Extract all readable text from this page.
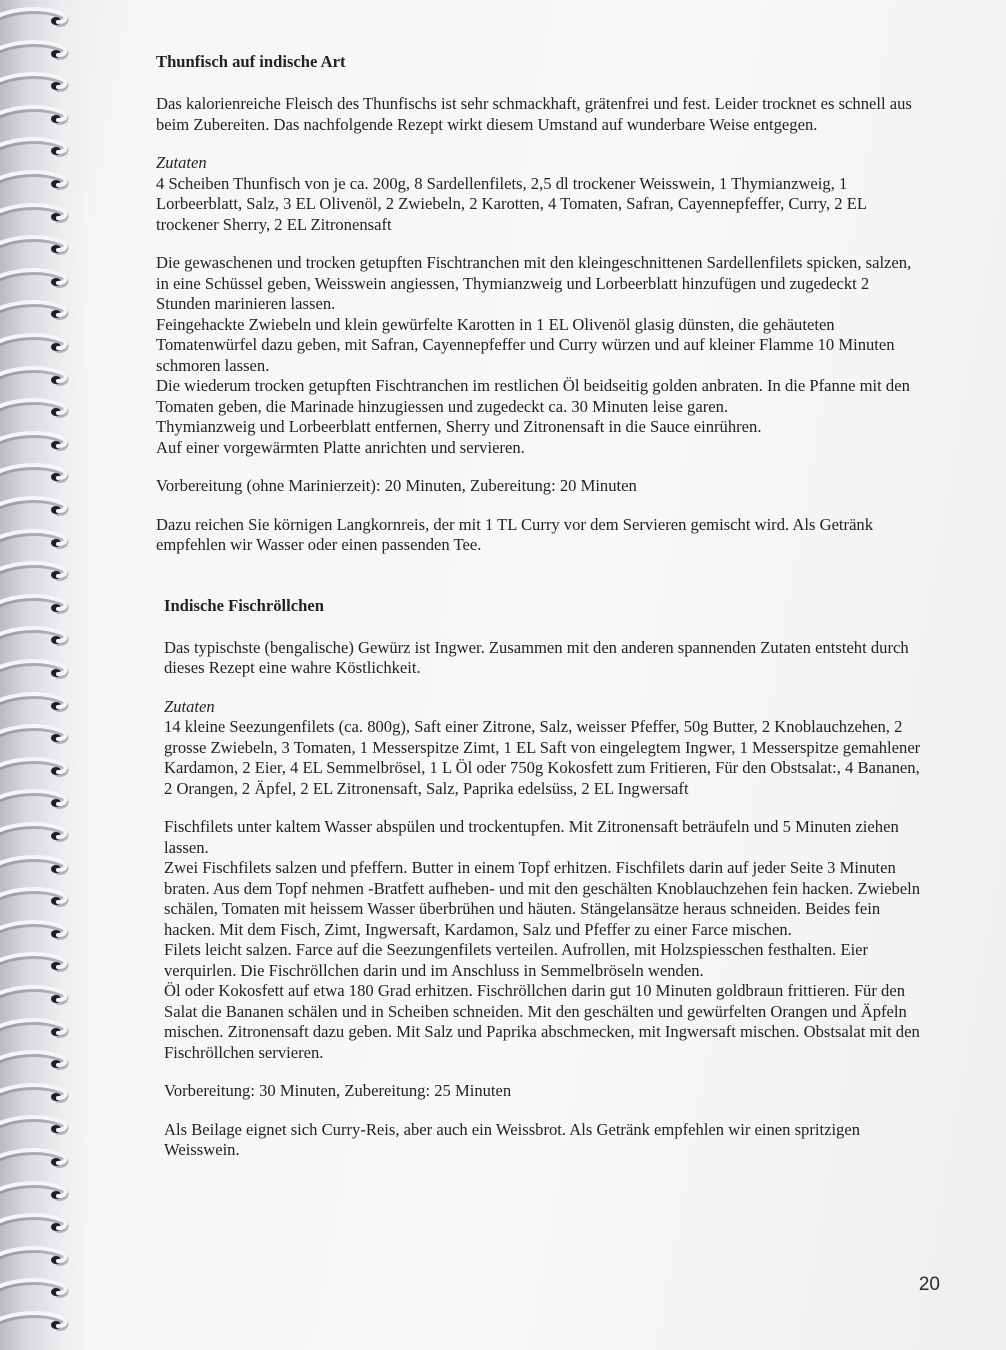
Thunfisch auf indische Art

Das kalorienreiche Fleisch des Thunfischs ist sehr schmackhaft, grätenfrei und fest. Leider trocknet es schnell aus beim Zubereiten. Das nachfolgende Rezept wirkt diesem Umstand auf wunderbare Weise entgegen.

Zutaten

4 Scheiben Thunfisch von je ca. 200g, 8 Sardellenfilets, 2,5 dl trockener Weisswein, 1 Thymianzweig, 1 Lorbeerblatt, Salz, 3 EL Olivenöl, 2 Zwiebeln, 2 Karotten, 4 Tomaten, Safran, Cayennepfeffer, Curry, 2 EL trockener Sherry, 2 EL Zitronensaft

Die gewaschenen und trocken getupften Fischtranchen mit den kleingeschnittenen Sardellenfilets spicken, salzen, in eine Schüssel geben, Weisswein angiessen, Thymianzweig und Lorbeerblatt hinzufügen und zugedeckt 2 Stunden marinieren lassen.

Feingehackte Zwiebeln und klein gewürfelte Karotten in 1 EL Olivenöl glasig dünsten, die gehäuteten Tomatenwürfel dazu geben, mit Safran, Cayennepfeffer und Curry würzen und auf kleiner Flamme 10 Minuten schmoren lassen.

Die wiederum trocken getupften Fischtranchen im restlichen Öl beidseitig golden anbraten. In die Pfanne mit den Tomaten geben, die Marinade hinzugiessen und zugedeckt ca. 30 Minuten leise garen.

Thymianzweig und Lorbeerblatt entfernen, Sherry und Zitronensaft in die Sauce einrühren.

Auf einer vorgewärmten Platte anrichten und servieren.

Vorbereitung (ohne Marinierzeit): 20 Minuten, Zubereitung: 20 Minuten

Dazu reichen Sie körnigen Langkornreis, der mit 1 TL Curry vor dem Servieren gemischt wird. Als Getränk empfehlen wir Wasser oder einen passenden Tee.

Indische Fischröllchen

Das typischste (bengalische) Gewürz ist Ingwer. Zusammen mit den anderen spannenden Zutaten entsteht durch dieses Rezept eine wahre Köstlichkeit.

Zutaten

14 kleine Seezungenfilets (ca. 800g), Saft einer Zitrone, Salz, weisser Pfeffer, 50g Butter, 2 Knoblauchzehen, 2 grosse Zwiebeln, 3 Tomaten, 1 Messerspitze Zimt, 1 EL Saft von eingelegtem Ingwer, 1 Messerspitze gemahlener Kardamon, 2 Eier, 4 EL Semmelbrösel, 1 L Öl oder 750g Kokosfett zum Fritieren, Für den Obstsalat:, 4 Bananen, 2 Orangen, 2 Äpfel, 2 EL Zitronensaft, Salz, Paprika edelsüss, 2 EL Ingwersaft

Fischfilets unter kaltem Wasser abspülen und trockentupfen. Mit Zitronensaft beträufeln und 5 Minuten ziehen lassen.

Zwei Fischfilets salzen und pfeffern. Butter in einem Topf erhitzen. Fischfilets darin auf jeder Seite 3 Minuten braten. Aus dem Topf nehmen -Bratfett aufheben- und mit den geschälten Knoblauchzehen fein hacken. Zwiebeln schälen, Tomaten mit heissem Wasser überbrühen und häuten. Stängelansätze heraus schneiden. Beides fein hacken. Mit dem Fisch, Zimt, Ingwersaft, Kardamon, Salz und Pfeffer zu einer Farce mischen.

Filets leicht salzen. Farce auf die Seezungenfilets verteilen. Aufrollen, mit Holzspiesschen festhalten. Eier verquirlen. Die Fischröllchen darin und im Anschluss in Semmelbröseln wenden.

Öl oder Kokosfett auf etwa 180 Grad erhitzen. Fischröllchen darin gut 10 Minuten goldbraun frittieren. Für den Salat die Bananen schälen und in Scheiben schneiden. Mit den geschälten und gewürfelten Orangen und Äpfeln mischen. Zitronensaft dazu geben. Mit Salz und Paprika abschmecken, mit Ingwersaft mischen. Obstsalat mit den Fischröllchen servieren.

Vorbereitung: 30 Minuten, Zubereitung: 25 Minuten

Als Beilage eignet sich Curry-Reis, aber auch ein Weissbrot. Als Getränk empfehlen wir einen spritzigen Weisswein.

20
